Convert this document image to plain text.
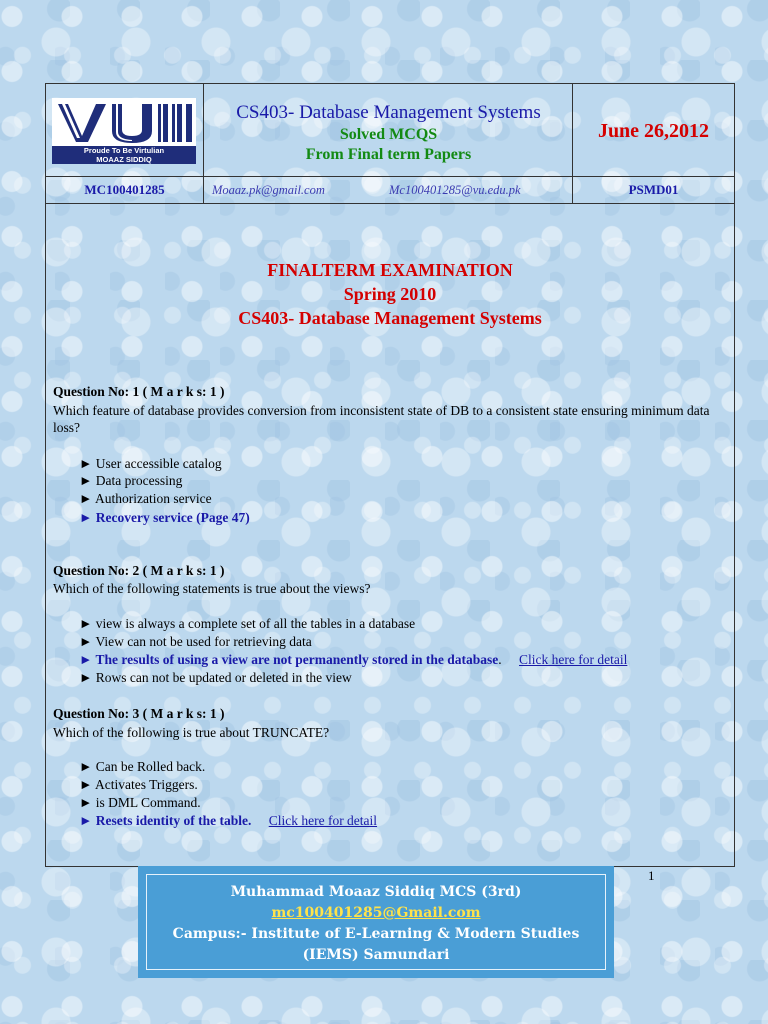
Proude To Be Virtulian
MOAAZ SIDDIQ
CS403- Database Management Systems
Solved MCQS
From Final term Papers
June 26,2012
MC100401285	Moaaz.pk@gmail.com	Mc100401285@vu.edu.pk	PSMD01
FINALTERM EXAMINATION
Spring 2010
CS403- Database Management Systems
Question No: 1 ( M a r k s: 1 )
Which feature of database provides conversion from inconsistent state of DB to a consistent state ensuring minimum data loss?
► User accessible catalog
► Data processing
► Authorization service
► Recovery service (Page 47)
Question No: 2 ( M a r k s: 1 )
Which of the following statements is true about the views?
► view is always a complete set of all the tables in a database
► View can not be used for retrieving data
► The results of using a view are not permanently stored in the database. Click here for detail
► Rows can not be updated or deleted in the view
Question No: 3 ( M a r k s: 1 )
Which of the following is true about TRUNCATE?
► Can be Rolled back.
► Activates Triggers.
► is DML Command.
► Resets identity of the table. Click here for detail
1
Muhammad Moaaz Siddiq MCS (3rd)
mc100401285@Gmail.com
Campus:- Institute of E-Learning & Modern Studies
(IEMS) Samundari
